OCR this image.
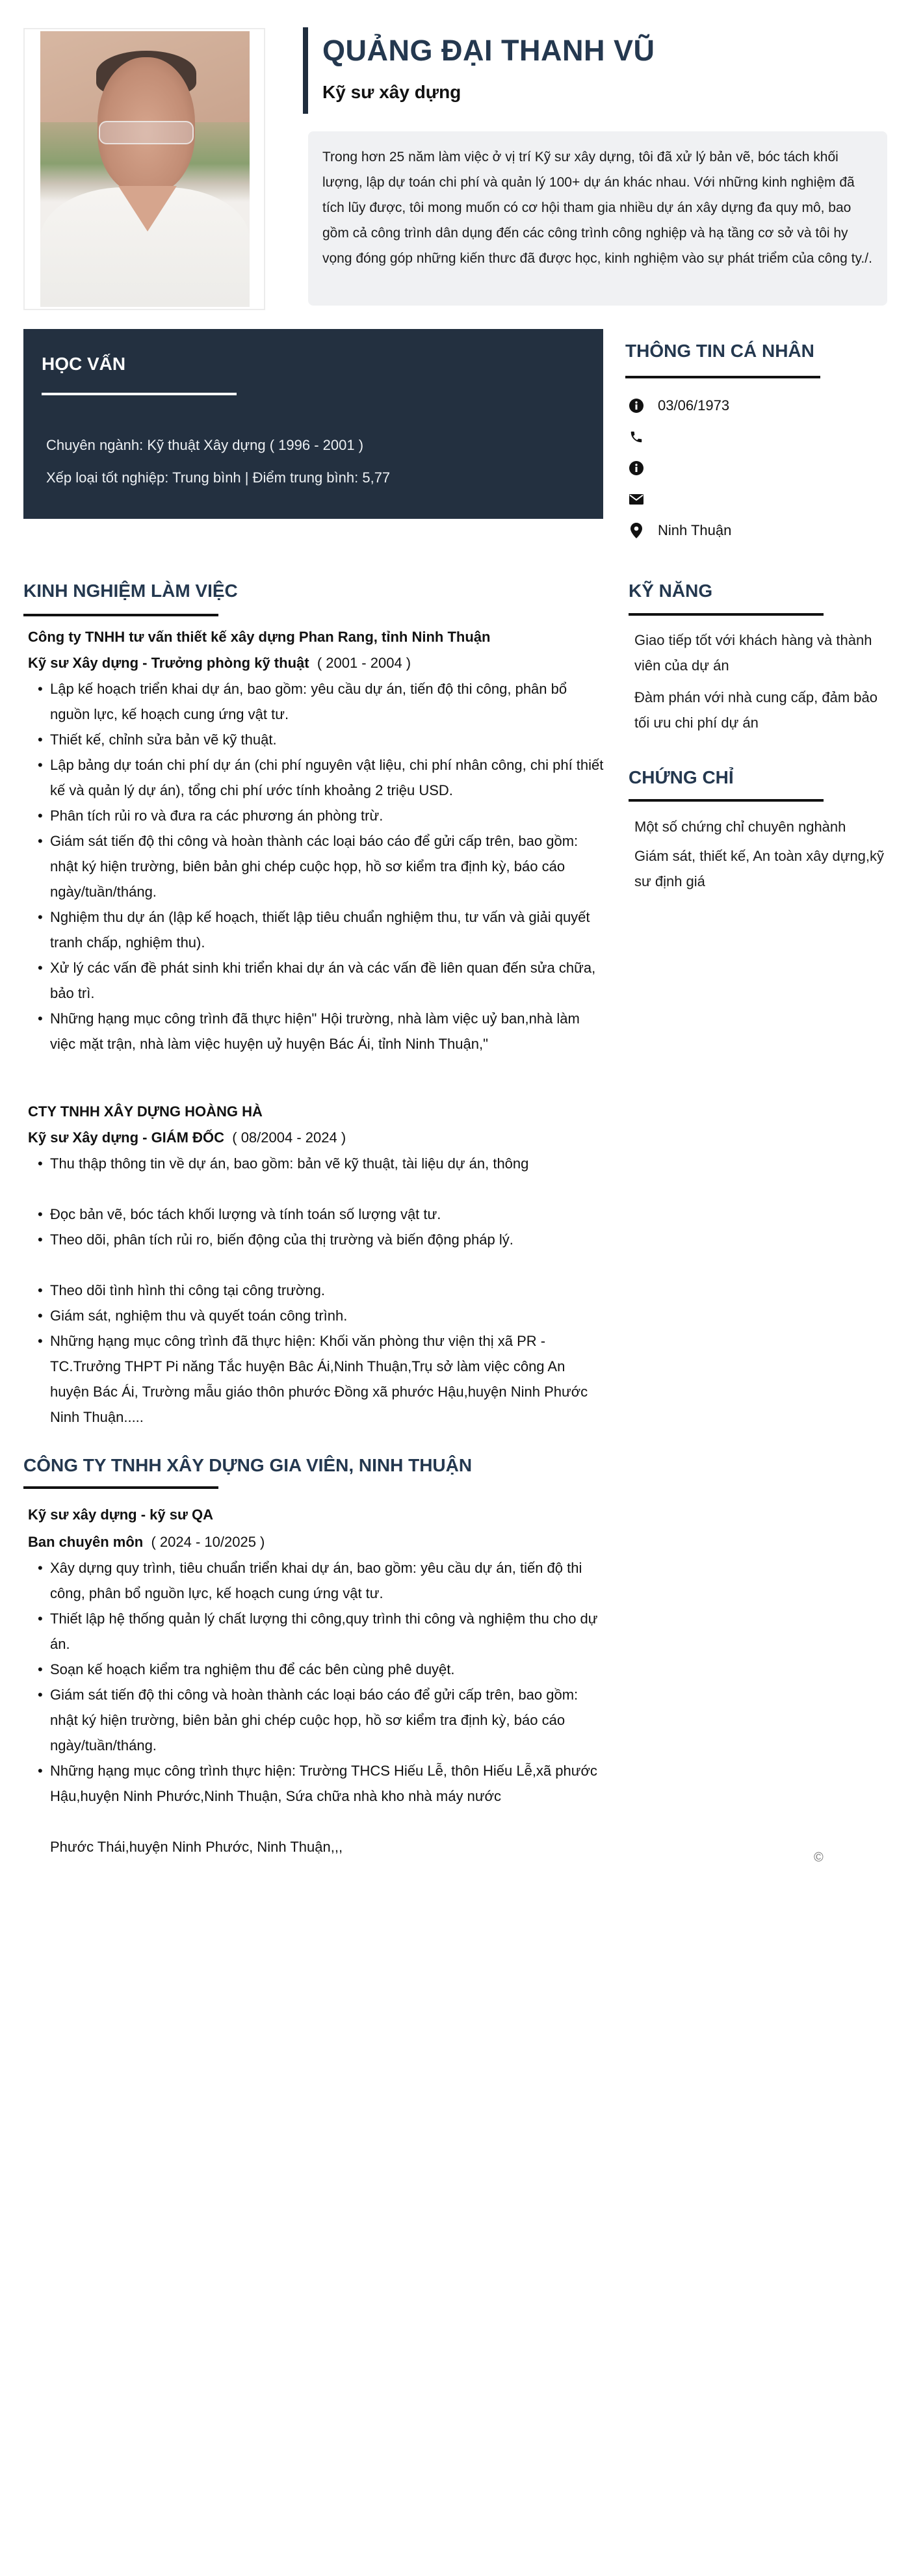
QUẢNG ĐẠI THANH VŨ
Kỹ sư xây dựng

Trong hơn 25 năm làm việc ở vị trí Kỹ sư xây dựng, tôi đã xử lý bản vẽ, bóc tách khối lượng, lập dự toán chi phí và quản lý 100+ dự án khác nhau. Với những kinh nghiệm đã tích lũy được, tôi mong muốn có cơ hội tham gia nhiều dự án xây dựng đa quy mô, bao gồm cả công trình dân dụng đến các công trình công nghiệp và hạ tầng cơ sở và tôi hy vọng đóng góp những kiến thưc đã được học, kinh nghiệm vào sự phát triểm của công ty./.

HỌC VẤN
Chuyên ngành: Kỹ thuật Xây dựng ( 1996 - 2001 )
Xếp loại tốt nghiệp: Trung bình | Điểm trung bình: 5,77
THÔNG TIN CÁ NHÂN
03/06/1973
Ninh Thuận
KỸ NĂNG
Giao tiếp tốt với khách hàng và thành viên của dự án
Đàm phán với nhà cung cấp, đảm bảo tối ưu chi phí dự án
CHỨNG CHỈ
Một số chứng chỉ chuyên nghành
Giám sát, thiết kế, An toàn xây dựng,kỹ sư định giá
KINH NGHIỆM LÀM VIỆC
Công ty TNHH tư vấn thiết kế xây dựng Phan Rang, tỉnh Ninh Thuận
Kỹ sư Xây dựng - Trưởng phòng kỹ thuật ( 2001 - 2004 )
• Lập kế hoạch triển khai dự án, bao gồm: yêu cầu dự án, tiến độ thi công, phân bổ nguồn lực, kế hoạch cung ứng vật tư.
• Thiết kế, chỉnh sửa bản vẽ kỹ thuật.
• Lập bảng dự toán chi phí dự án (chi phí nguyên vật liệu, chi phí nhân công, chi phí thiết kế và quản lý dự án), tổng chi phí ước tính khoảng 2 triệu USD.
• Phân tích rủi ro và đưa ra các phương án phòng trừ.
• Giám sát tiến độ thi công và hoàn thành các loại báo cáo để gửi cấp trên, bao gồm: nhật ký hiện trường, biên bản ghi chép cuộc họp, hồ sơ kiểm tra định kỳ, báo cáo ngày/tuần/tháng.
• Nghiệm thu dự án (lập kế hoạch, thiết lập tiêu chuẩn nghiệm thu, tư vấn và giải quyết tranh chấp, nghiệm thu).
• Xử lý các vấn đề phát sinh khi triển khai dự án và các vấn đề liên quan đến sửa chữa, bảo trì.
• Những hạng mục công trình đã thực hiện" Hội trường, nhà làm việc uỷ ban,nhà làm việc mặt trận, nhà làm việc huyện uỷ huyện Bác Ái, tỉnh Ninh Thuận,"
CTY TNHH XÂY DỰNG HOÀNG HÀ
Kỹ sư Xây dựng - GIÁM ĐỐC ( 08/2004 - 2024 )
• Thu thập thông tin về dự án, bao gồm: bản vẽ kỹ thuật, tài liệu dự án, thông
• Đọc bản vẽ, bóc tách khối lượng và tính toán số lượng vật tư.
• Theo dõi, phân tích rủi ro, biến động của thị trường và biến động pháp lý.
• Theo dõi tình hình thi công tại công trường.
• Giám sát, nghiệm thu và quyết toán công trình.
• Những hạng mục công trình đã thực hiện: Khối văn phòng thư viện thị xã PR - TC.Trưởng THPT Pi năng Tắc huyện Bâc Ái,Ninh Thuận,Trụ sở làm việc công An huyện Bác Ái, Trường mẫu giáo thôn phước Đồng xã phước Hậu,huyện Ninh Phước Ninh Thuận.....
CÔNG TY TNHH XÂY DỰNG GIA VIÊN, NINH THUẬN
Kỹ sư xây dựng - kỹ sư QA
Ban chuyên môn ( 2024 - 10/2025 )
• Xây dựng quy trình, tiêu chuẩn triển khai dự án, bao gồm: yêu cầu dự án, tiến độ thi công, phân bổ nguồn lực, kế hoạch cung ứng vật tư.
• Thiết lập hệ thống quản lý chất lượng thi công,quy trình thi công và nghiệm thu cho dự án.
• Soạn kế hoạch kiểm tra nghiệm thu để các bên cùng phê duyệt.
• Giám sát tiến độ thi công và hoàn thành các loại báo cáo để gửi cấp trên, bao gồm: nhật ký hiện trường, biên bản ghi chép cuộc họp, hồ sơ kiểm tra định kỳ, báo cáo ngày/tuần/tháng.
• Những hạng mục công trình thực hiện: Trường THCS Hiếu Lễ, thôn Hiếu Lễ,xã phước Hậu,huyện Ninh Phước,Ninh Thuận, Sứa chữa nhà kho nhà máy nước
Phước Thái,huyện Ninh Phước, Ninh Thuận,,,
©
